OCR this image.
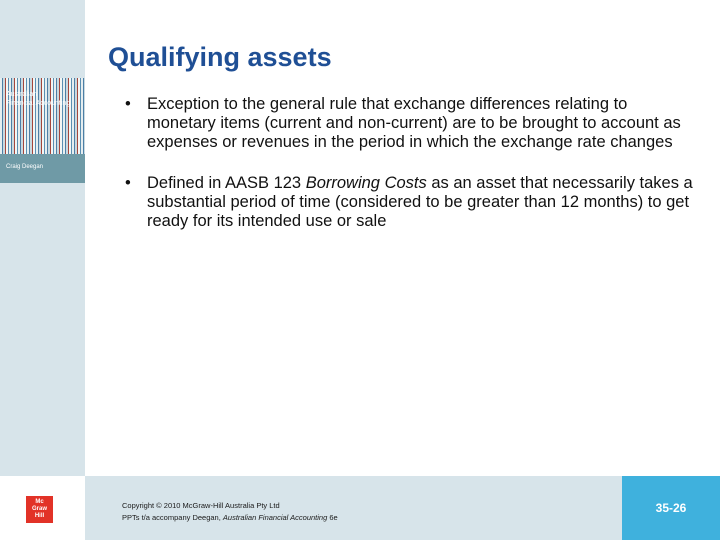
Australian
Financial Accounting
Craig Deegan
Qualifying assets
• Exception to the general rule that exchange differences relating to monetary items (current and non-current) are to be brought to account as expenses or revenues in the period in which the exchange rate changes
• Defined in AASB 123 Borrowing Costs as an asset that necessarily takes a substantial period of time (considered to be greater than 12 months) to get ready for its intended use or sale
Mc
Graw
Hill
Copyright © 2010 McGraw-Hill Australia Pty Ltd
PPTs t/a accompany Deegan, Australian Financial Accounting 6e
35-26
